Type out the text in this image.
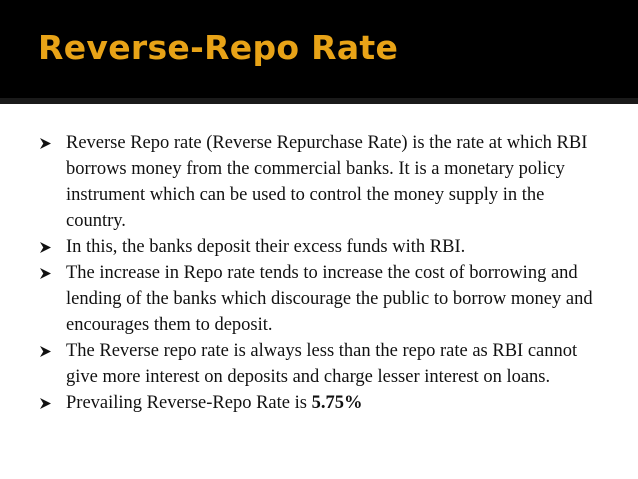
Reverse-Repo Rate
Reverse Repo rate (Reverse Repurchase Rate) is the rate at which RBI borrows money from the commercial banks. It is a monetary policy instrument which can be used to control the money supply in the country.
In this, the banks deposit their excess funds with RBI.
The increase in Repo rate tends to increase the cost of borrowing and lending of the banks which discourage the public to borrow money and encourages them to deposit.
The Reverse repo rate is always less than the repo rate as RBI cannot give more interest on deposits and charge lesser interest on loans.
Prevailing Reverse-Repo Rate is 5.75%
